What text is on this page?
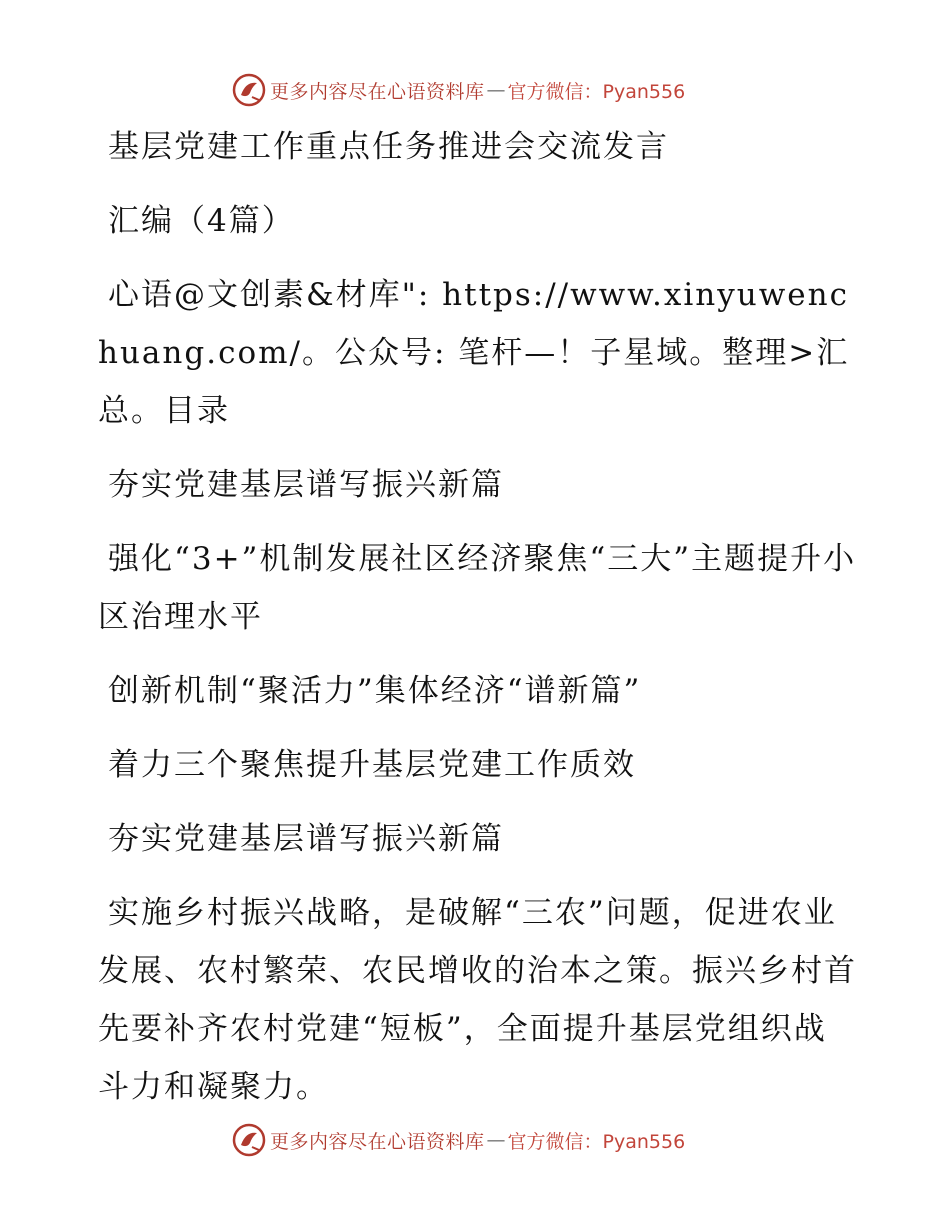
更多内容尽在心语资料库 — 官方微信：Pyan556
基层党建工作重点任务推进会交流发言
汇编（4篇）
心语@文创素&材库": https://www.xinyuwenchuang.com/。公众号: 笔杆—！子星域。整理>汇总。目录
夯实党建基层谱写振兴新篇
强化“3+”机制发展社区经济聚焦“三大”主题提升小区治理水平
创新机制“聚活力”集体经济“谱新篇”
着力三个聚焦提升基层党建工作质效
夯实党建基层谱写振兴新篇
实施乡村振兴战略，是破解“三农”问题，促进农业发展、农村繁荣、农民增收的治本之策。振兴乡村首先要补齐农村党建“短板”，全面提升基层党组织战斗力和凝聚力。
更多内容尽在心语资料库 — 官方微信：Pyan556
